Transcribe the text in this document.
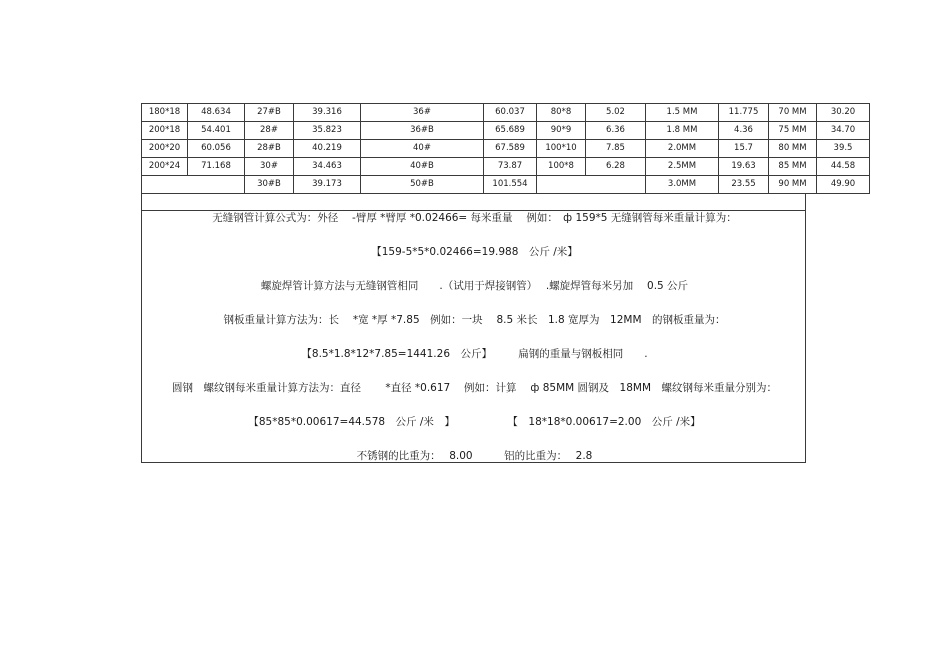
180*18	48.634	27#B	39.316	36#	60.037	80*8	5.02	1.5 MM	11.775	70 MM	30.20
200*18	54.401	28#	35.823	36#B	65.689	90*9	6.36	1.8 MM	4.36	75 MM	34.70
200*20	60.056	28#B	40.219	40#	67.589	100*10	7.85	2.0MM	15.7	80 MM	39.5
200*24	71.168	30#	34.463	40#B	73.87	100*8	6.28	2.5MM	19.63	85 MM	44.58
		30#B	39.173	50#B	101.554			3.0MM	23.55	90 MM	49.90
无缝钢管计算公式为：外径　 -臂厚 *臂厚 *0.02466= 每米重量　 例如：　ф 159*5 无缝钢管每米重量计算为：
【159-5*5*0.02466=19.988　公斤 /米】
螺旋焊管计算方法与无缝钢管相同　　.（试用于焊接钢管）　 .螺旋焊管每米另加　 0.5 公斤
钢板重量计算方法为：长　 *宽 *厚 *7.85　例如：一块　 8.5 米长　1.8 宽厚为　12MM　的钢板重量为：
【8.5*1.8*12*7.85=1441.26　公斤】　　　扁钢的重量与钢板相同　　.
圆钢　螺纹钢每米重量计算方法为：直径　　 *直径 *0.617　 例如：计算　 ф 85MM 圆钢及　18MM　螺纹钢每米重量分别为：
【85*85*0.00617=44.578　公斤 /米　】　　　　　　【　18*18*0.00617=2.00　公斤 /米】
不锈钢的比重为：　 8.00　　　铝的比重为：　 2.8
